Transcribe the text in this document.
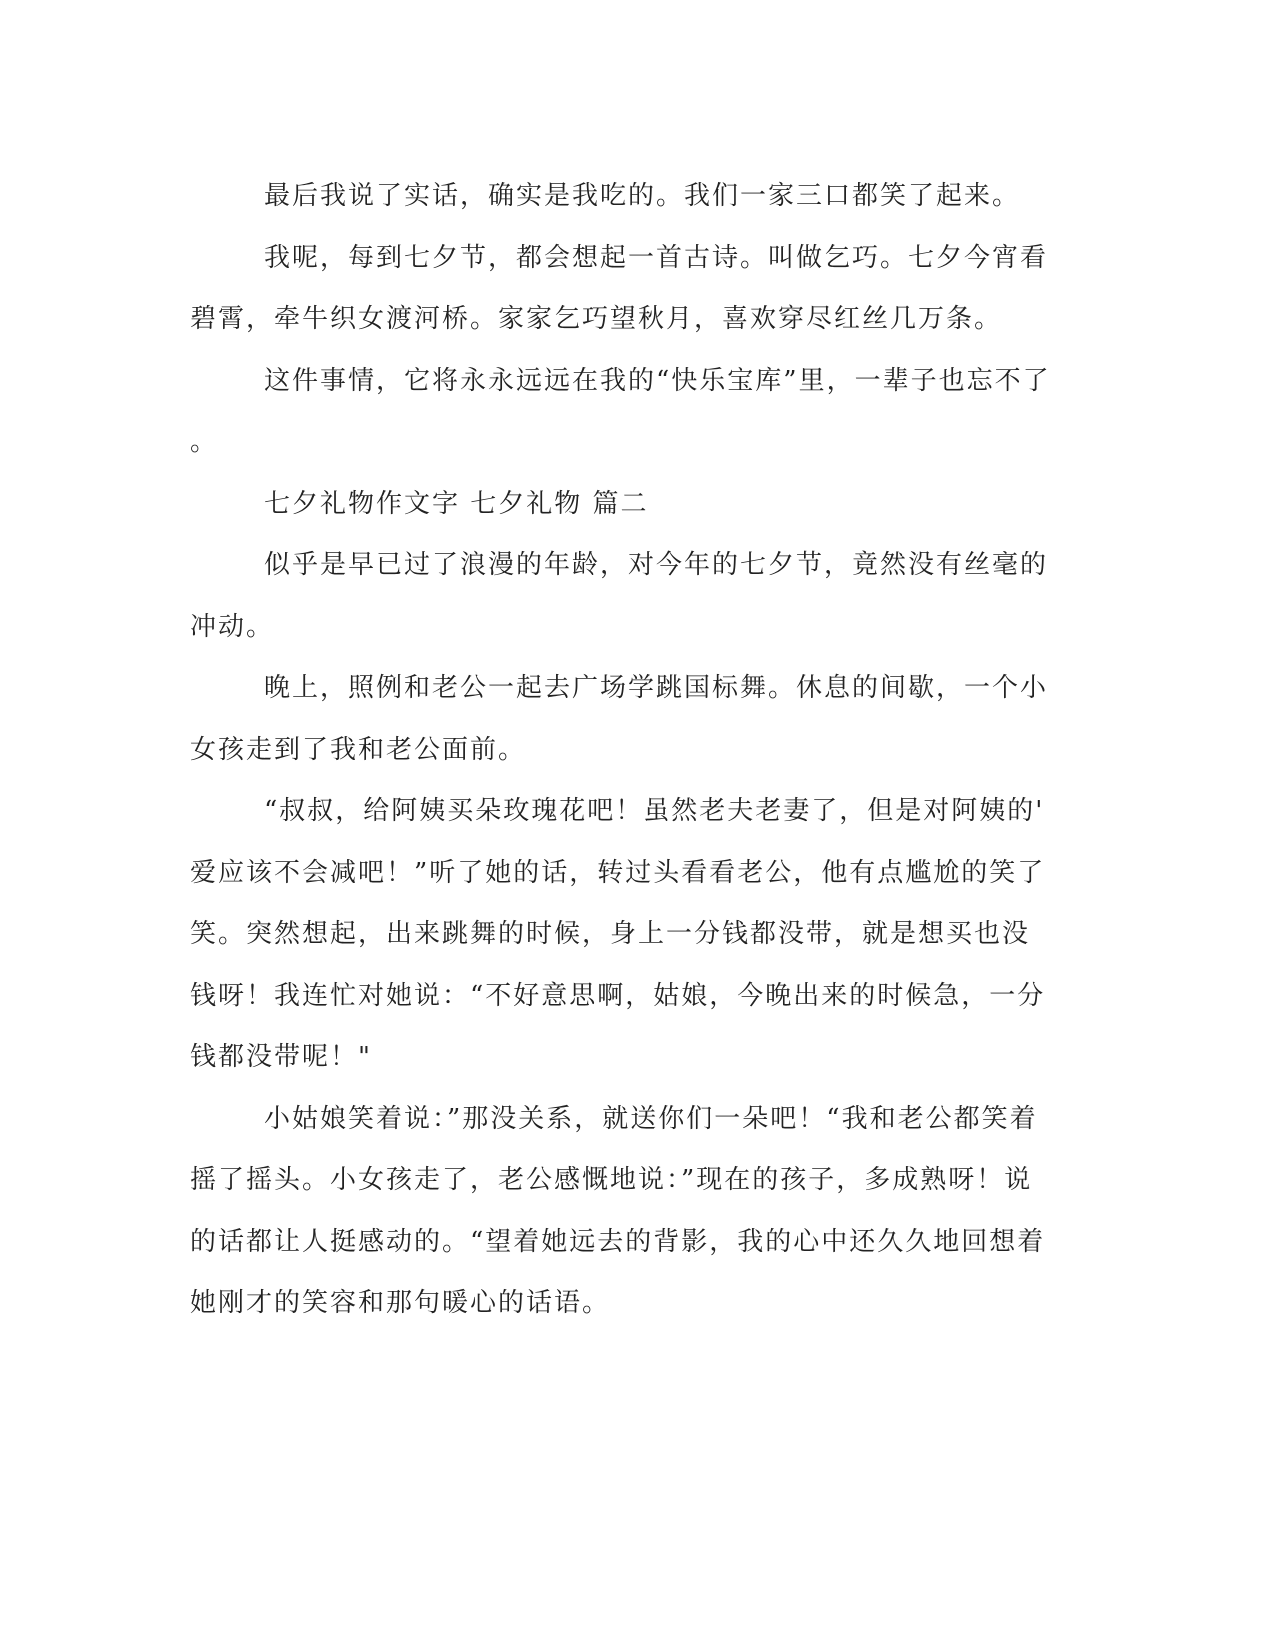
最后我说了实话，确实是我吃的。我们一家三口都笑了起来。
我呢，每到七夕节，都会想起一首古诗。叫做乞巧。七夕今宵看
碧霄，牵牛织女渡河桥。家家乞巧望秋月，喜欢穿尽红丝几万条。
这件事情，它将永永远远在我的“快乐宝库”里，一辈子也忘不了
。
七夕礼物作文字 七夕礼物 篇二
似乎是早已过了浪漫的年龄，对今年的七夕节，竟然没有丝毫的
冲动。
晚上，照例和老公一起去广场学跳国标舞。休息的间歇，一个小
女孩走到了我和老公面前。
“叔叔，给阿姨买朵玫瑰花吧！虽然老夫老妻了，但是对阿姨的'
爱应该不会减吧！”听了她的话，转过头看看老公，他有点尴尬的笑了
笑。突然想起，出来跳舞的时候，身上一分钱都没带，就是想买也没
钱呀！我连忙对她说：“不好意思啊，姑娘，今晚出来的时候急，一分
钱都没带呢！"
小姑娘笑着说：”那没关系，就送你们一朵吧！“我和老公都笑着
摇了摇头。小女孩走了，老公感慨地说：”现在的孩子，多成熟呀！说
的话都让人挺感动的。“望着她远去的背影，我的心中还久久地回想着
她刚才的笑容和那句暖心的话语。
